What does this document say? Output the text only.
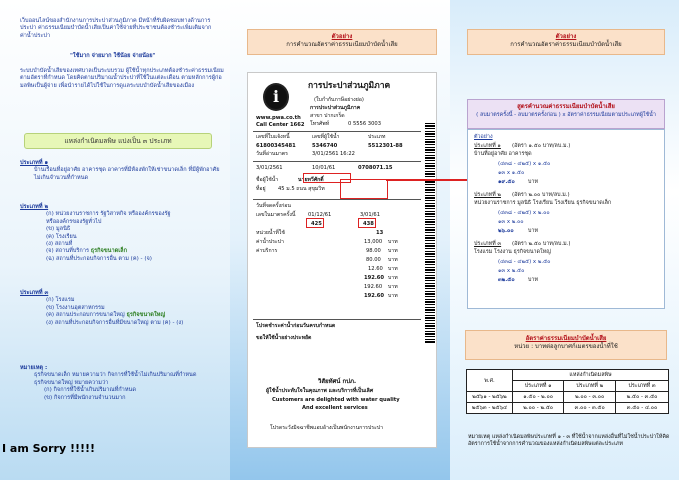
เว็บออนไลน์ของสำนักงานการประปาส่วนภูมิภาค มีหน้าที่รับผิดชอบทางด้านการประปา ค่าธรรมเนียมบำบัดน้ำเสียเป็นค่าใช้จ่ายที่ประชาชนต้องชำระเพิ่มเติมจากค่าน้ำประปา
"ใช้มาก จ่ายมาก ใช้น้อย จ่ายน้อย"
ระบบบำบัดน้ำเสียของเทศบาลเป็นระบบรวม ผู้ใช้น้ำทุกประเภทต้องชำระค่าธรรมเนียมตามอัตราที่กำหนด โดยคิดตามปริมาณน้ำประปาที่ใช้ในแต่ละเดือน ตามหลักการผู้ก่อมลพิษเป็นผู้จ่าย เพื่อนำรายได้ไปใช้ในการดูแลระบบบำบัดน้ำเสียของเมือง
แหล่งกำเนิดมลพิษ แบ่งเป็น ๓ ประเภท
ประเภทที่ ๑
บ้านเรือนที่อยู่อาศัย อาคารชุด อาคารที่มีห้องพักให้เช่าขนาดเล็ก ที่มีผู้พักอาศัยไม่เกินจำนวนที่กำหนด
ประเภทที่ ๒
(ก) หน่วยงานราชการ รัฐวิสาหกิจ หรือองค์กรของรัฐ
หรือองค์กรของรัฐทั่วไป
(ข) มูลนิธิ
(ค) โรงเรียน
(ง) สถานที่
(จ) สถานที่บริการ ธุรกิจขนาดเล็ก
(ฉ) สถานที่ประกอบกิจการอื่น ตาม (ค) - (จ)
ประเภทที่ ๓
(ก) โรงแรม
(ข) โรงงานอุตสาหกรรม
(ค) สถานประกอบการขนาดใหญ่ ธุรกิจขนาดใหญ่
(ง) สถานที่ประกอบกิจการอื่นที่มีขนาดใหญ่ ตาม (ค) - (ง)
หมายเหตุ :
ธุรกิจขนาดเล็ก หมายความว่า กิจการที่ใช้น้ำไม่เกินปริมาณที่กำหนด
ธุรกิจขนาดใหญ่ หมายความว่า
(ก) กิจการที่ใช้น้ำเกินปริมาณที่กำหนด
(ข) กิจการที่มีพนักงานจำนวนมาก
I am Sorry !!!!!
ตัวอย่าง
การคำนวณอัตราค่าธรรมเนียมบำบัดน้ำเสีย
i
www.pwa.co.th
Call Center 1662
การประปาส่วนภูมิภาค
(ใบกำกับภาษีอย่างย่อ)
การประปาส่วนภูมิภาค
สาขา ปากเกร็ด
โทรศัพท์	0 5556 3003
เลขที่ใบแจ้งหนี้	เลขที่ผู้ใช้น้ำ	ประเภท
61800345481	5346740	5512301-88
วันที่อ่านมาตร	3/01/2561 16:22
3/01/2561	10/01/61	0708071.15
ชื่อผู้ใช้น้ำ	นายทวีศักดิ์
ที่อยู่ 45 ม.5 ถนน สุขุมวิท
วันที่จดครั้งก่อน
เลขในมาตรครั้งนี้ 01/12/61	3/01/61
425	438
หน่วยน้ำที่ใช้	13
ค่าน้ำประปา	13,000 บาท
ค่าบริการ	98.00 บาท
80.00 บาท
12.60 บาท
192.60 บาท
192.60 บาท
192.60 บาท
โปรดชำระค่าน้ำก่อนวันครบกำหนด
ขอให้ใช้น้ำอย่างประหยัด
วิสัยทัศน์ กปภ.
ผู้ใช้น้ำประทับใจในคุณภาพ และบริการที่เป็นเลิศ
Customers are delighted with water quality
And excellent services
โปรดระวังมิจฉาชีพแอบอ้างเป็นพนักงานการประปา
ตัวอย่าง
การคำนวณอัตราค่าธรรมเนียมบำบัดน้ำเสีย
สูตรคำนวณค่าธรรมเนียมบำบัดน้ำเสีย
( ลบมาตรครั้งนี้ - ลบมาตรครั้งก่อน ) x อัตราค่าธรรมเนียมตามประเภทผู้ใช้น้ำ
ตัวอย่าง
ประเภทที่ ๑ (อัตรา ๑.๕๐ บาท/ลบ.ม.)
บ้านที่อยู่อาศัย อาคารชุด
(๔๓๘ - ๔๒๕) x ๑.๕๐
๑๓ x ๑.๕๐
๑๙.๕๐ บาท
ประเภทที่ ๒ (อัตรา ๒.๐๐ บาท/ลบ.ม.)
หน่วยงานราชการ มูลนิธิ โรงเรียน โรงเรียน ธุรกิจขนาดเล็ก
(๔๓๘ - ๔๒๕) x ๒.๐๐
๑๓ x ๒.๐๐
๒๖.๐๐	บาท
ประเภทที่ ๓ (อัตรา ๒.๕๐ บาท/ลบ.ม.)
โรงแรม โรงงาน ธุรกิจขนาดใหญ่
(๔๓๘ - ๔๒๕) x ๒.๕๐
๑๓ x ๒.๕๐
๓๒.๕๐ บาท
อัตราค่าธรรมเนียมบำบัดน้ำเสีย
หน่วย : บาทต่อลูกบาศก์เมตรของน้ำที่ใช้
พ.ศ.	แหล่งกำเนิดมลพิษ		
	ประเภทที่ ๑	ประเภทที่ ๒	ประเภทที่ ๓
๒๕๖๑ - ๒๕๖๒	๑.๕๐ - ๒.๐๐	๒.๐๐ - ๓.๐๐	๒.๕๐ - ๓.๕๐
๒๕๖๓ - ๒๕๖๔	๒.๐๐ - ๒.๕๐	๓.๐๐ - ๓.๕๐	๓.๕๐ - ๔.๐๐
หมายเหตุ แหล่งกำเนิดมลพิษประเภทที่ ๑ - ๓ ที่ใช้น้ำจากแหล่งอื่นที่ไม่ใช่น้ำประปาให้คิดอัตราการใช้น้ำจากการคำนวณของแหล่งกำเนิดมลพิษแต่ละประเภท
